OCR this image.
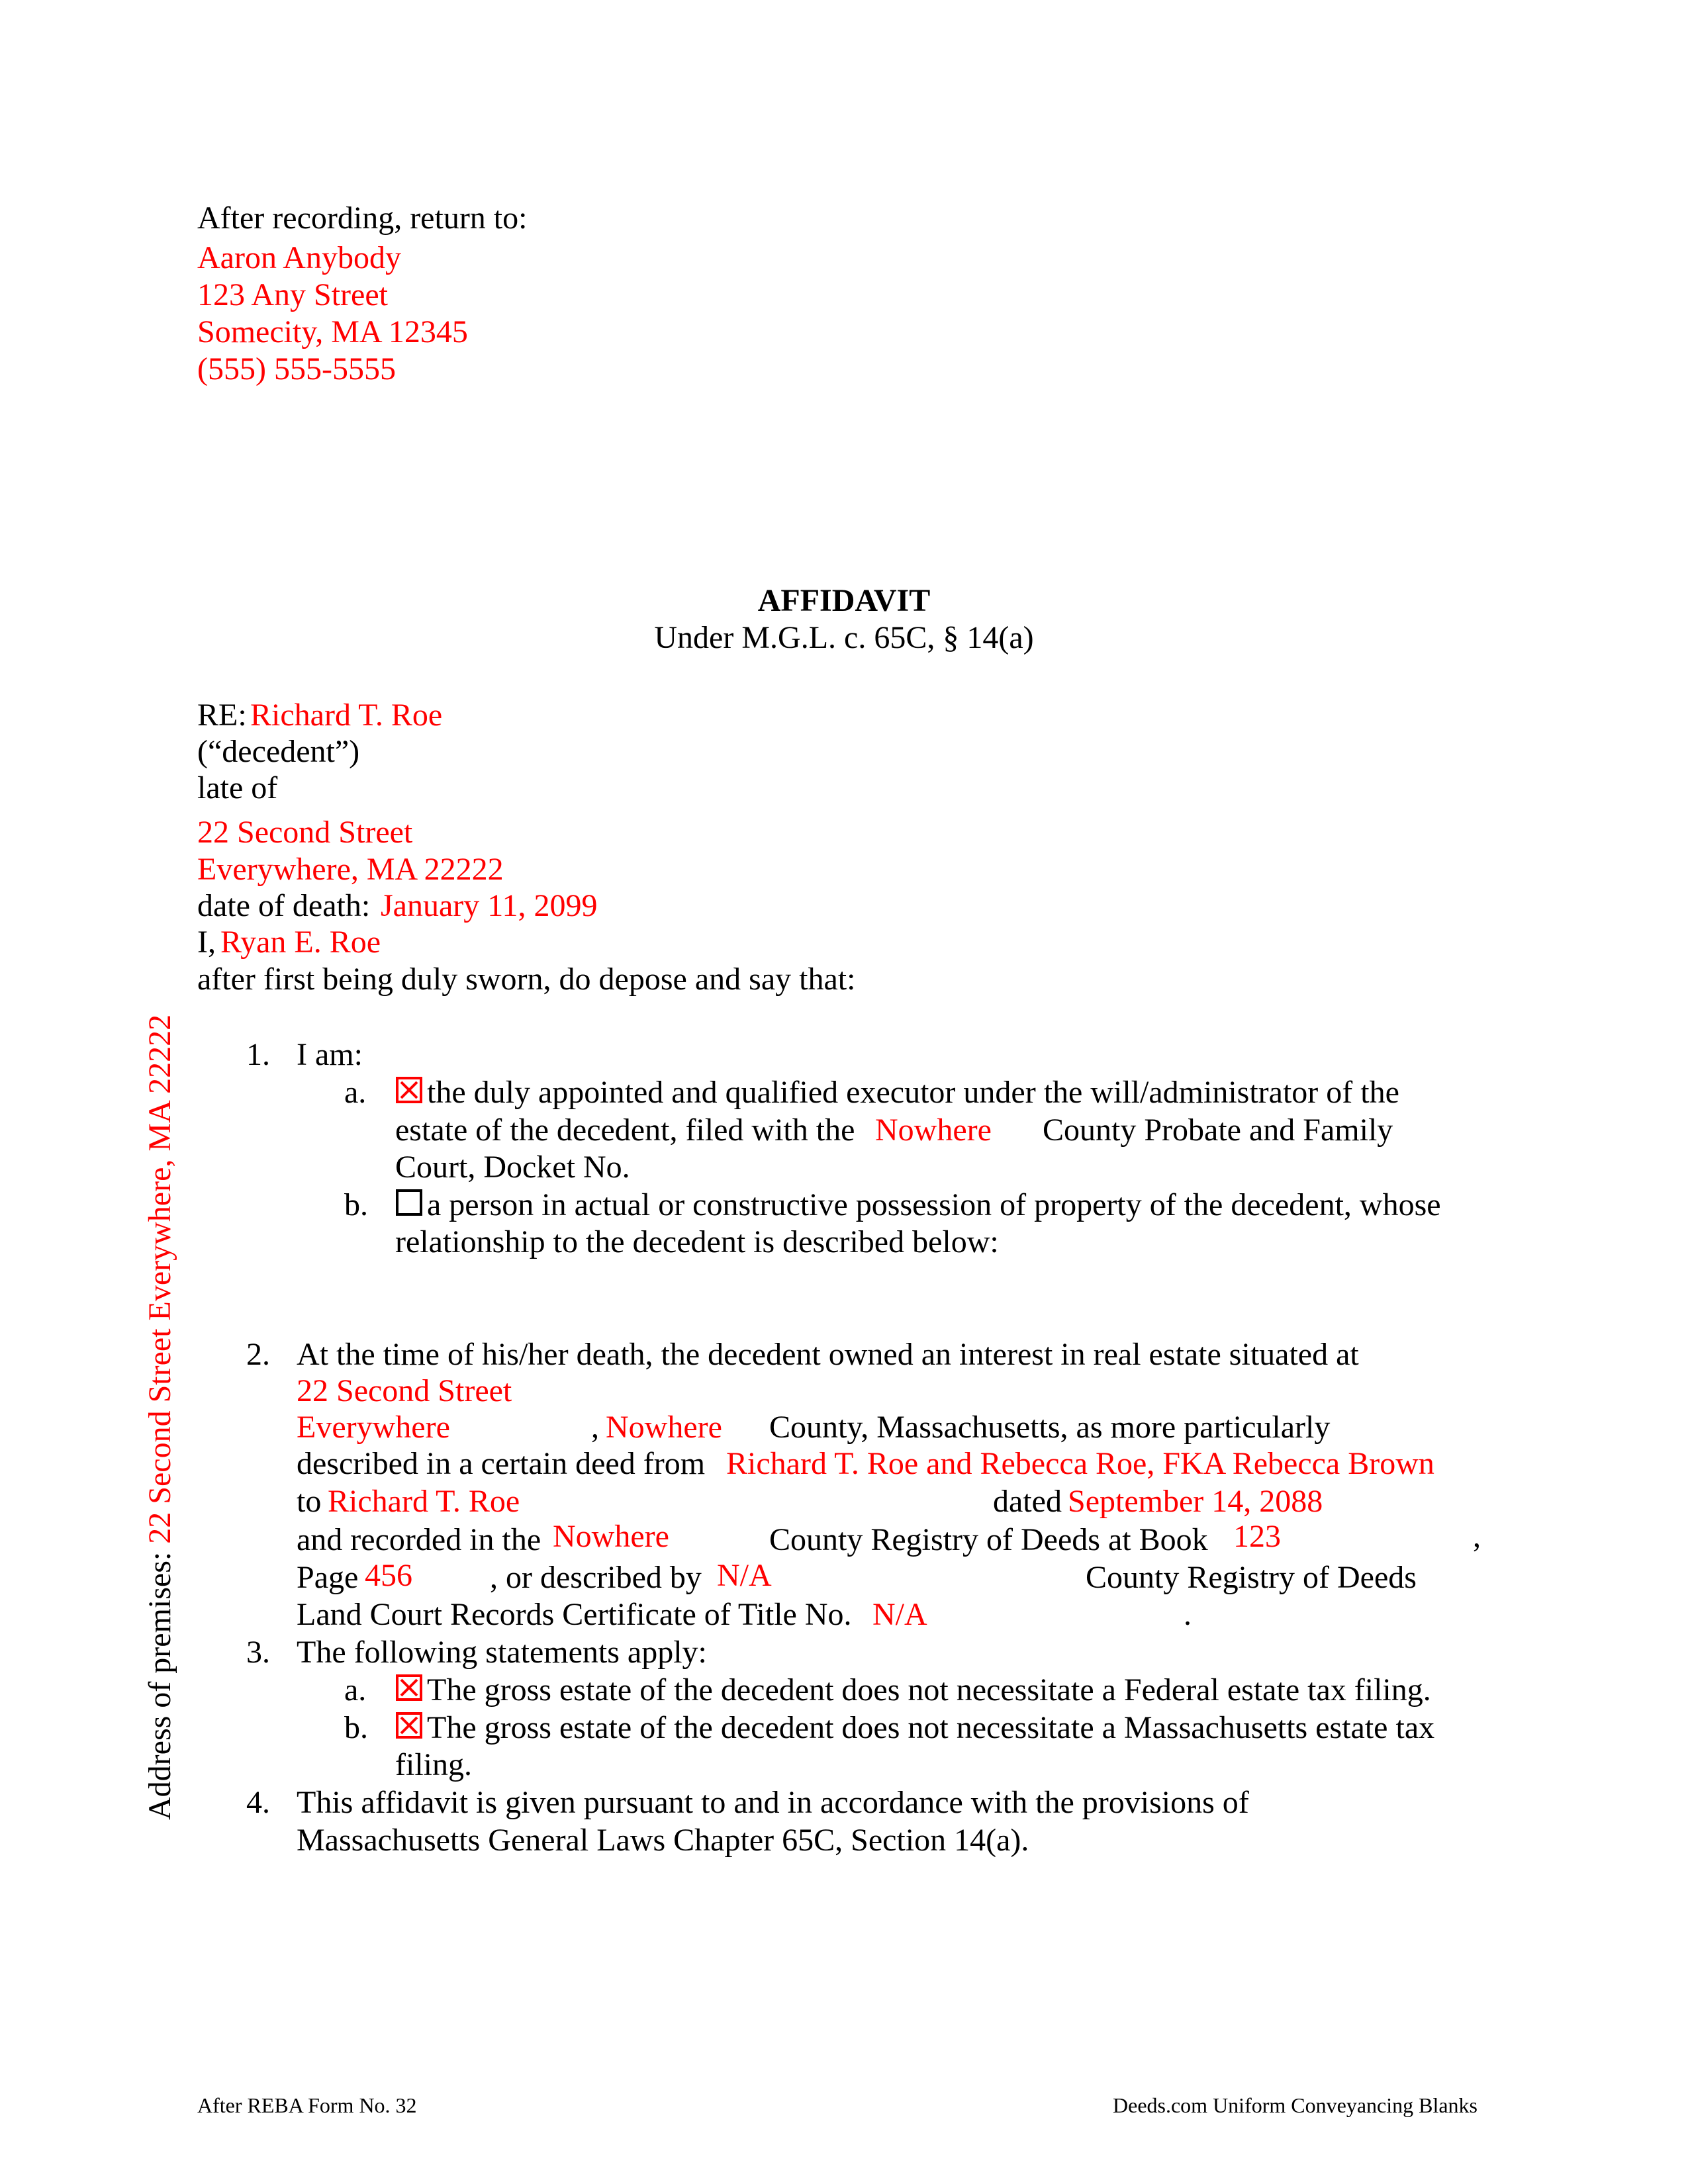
After recording, return to:
Aaron Anybody
123 Any Street
Somecity, MA 12345
(555) 555-5555
AFFIDAVIT
Under M.G.L. c. 65C, § 14(a)
RE: Richard T. Roe
(“decedent”)
late of
22 Second Street
Everywhere, MA 22222
date of death: January 11, 2099
I, Ryan E. Roe
after first being duly sworn, do depose and say that:
1. I am:
a. the duly appointed and qualified executor under the will/administrator of the
estate of the decedent, filed with the Nowhere County Probate and Family
Court, Docket No.
b. a person in actual or constructive possession of property of the decedent, whose
relationship to the decedent is described below:
2. At the time of his/her death, the decedent owned an interest in real estate situated at
22 Second Street
Everywhere	, Nowhere County, Massachusetts, as more particularly
described in a certain deed from Richard T. Roe and Rebecca Roe, FKA Rebecca Brown
to Richard T. Roe	dated September 14, 2088
and recorded in the Nowhere	County Registry of Deeds at Book 123	,
Page 456 , or described by N/A	County Registry of Deeds
Land Court Records Certificate of Title No. N/A	.
3. The following statements apply:
a. The gross estate of the decedent does not necessitate a Federal estate tax filing.
b. The gross estate of the decedent does not necessitate a Massachusetts estate tax
filing.
4. This affidavit is given pursuant to and in accordance with the provisions of
Massachusetts General Laws Chapter 65C, Section 14(a).
Address of premises: 22 Second Street Everywhere, MA 22222
After REBA Form No. 32	Deeds.com Uniform Conveyancing Blanks
